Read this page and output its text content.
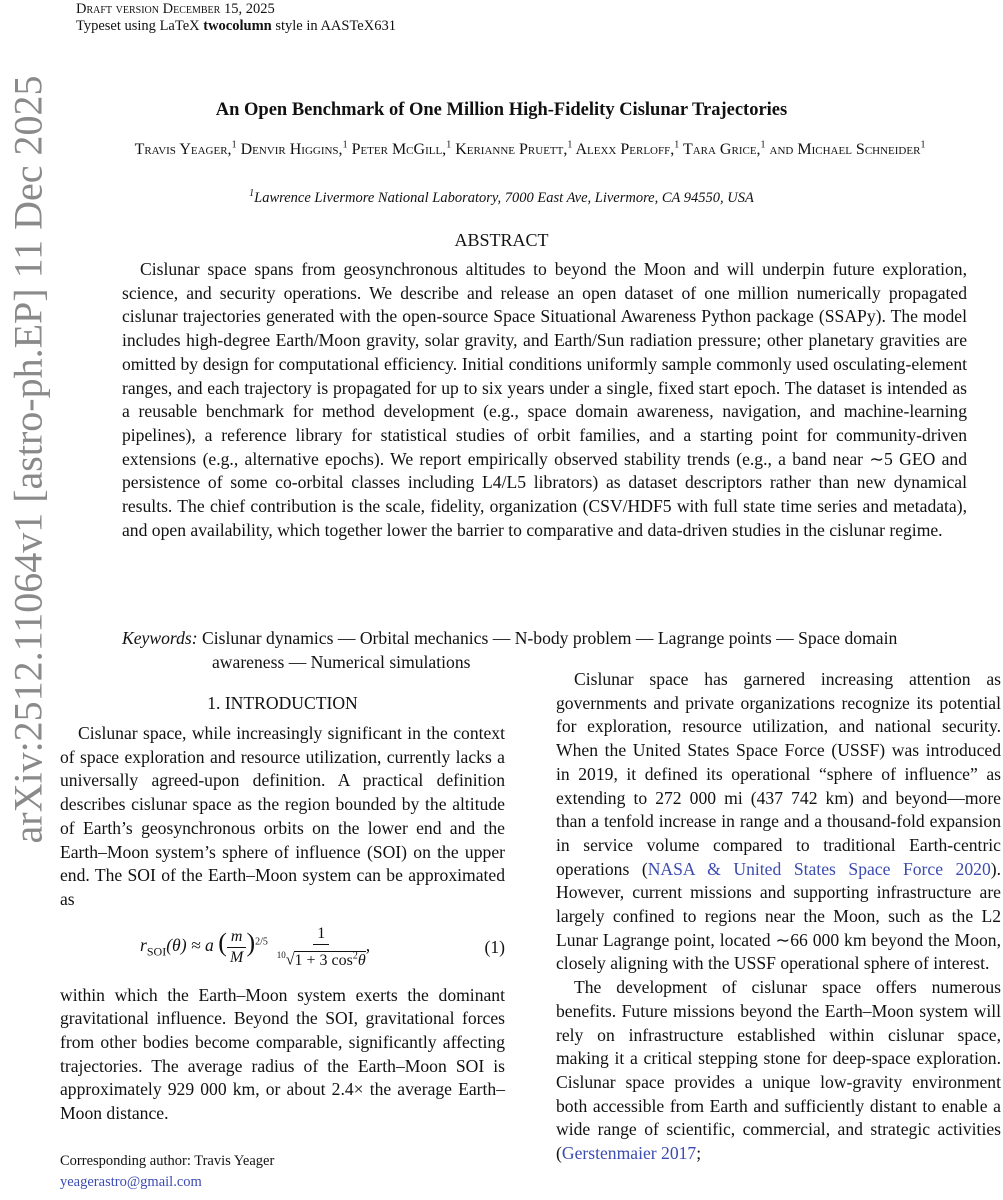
Draft version December 15, 2025
Typeset using LaTeX twocolumn style in AASTeX631
arXiv:2512.11064v1 [astro-ph.EP] 11 Dec 2025	An Open Benchmark of One Million High-Fidelity Cislunar Trajectories
Travis Yeager,$^1$ Denvir Higgins,$^1$ Peter McGill,$^1$ Kerianne Pruett,$^1$ Alexx Perloff,$^1$ Tara Grice,$^1$ and Michael Schneider$^1$
$^1$Lawrence Livermore National Laboratory, 7000 East Ave, Livermore, CA 94550, USA
ABSTRACT

Cislunar space spans from geosynchronous altitudes to beyond the Moon and will underpin future exploration, science, and security operations. We describe and release an open dataset of one million numerically propagated cislunar trajectories generated with the open-source Space Situational Awareness Python package (SSAPy). The model includes high-degree Earth/Moon gravity, solar gravity, and Earth/Sun radiation pressure; other planetary gravities are omitted by design for computational efficiency. Initial conditions uniformly sample commonly used osculating-element ranges, and each trajectory is propagated for up to six years under a single, fixed start epoch. The dataset is intended as a reusable benchmark for method development (e.g., space domain awareness, navigation, and machine-learning pipelines), a reference library for statistical studies of orbit families, and a starting point for community-driven extensions (e.g., alternative epochs). We report empirically observed stability trends (e.g., a band near ∼5 GEO and persistence of some co-orbital classes including L4/L5 librators) as dataset descriptors rather than new dynamical results. The chief contribution is the scale, fidelity, organization (CSV/HDF5 with full state time series and metadata), and open availability, which together lower the barrier to comparative and data-driven studies in the cislunar regime.

Keywords: Cislunar dynamics — Orbital mechanics — N-body problem — Lagrange points — Space domain awareness — Numerical simulations
1. INTRODUCTION

Cislunar space, while increasingly significant in the context of space exploration and resource utilization, currently lacks a universally agreed-upon definition. A practical definition describes cislunar space as the region bounded by the altitude of Earth’s geosynchronous orbits on the lower end and the Earth–Moon system’s sphere of influence (SOI) on the upper end. The SOI of the Earth–Moon system can be approximated as

$r_{SOI}(\theta) \approx a$ ( $\frac{m}{M} )^{2/5} \frac{1}{^{10}√1 + 3 \cos^2\theta}$ ,	(1)

within which the Earth–Moon system exerts the dominant gravitational influence. Beyond the SOI, gravitational forces from other bodies become comparable, significantly affecting trajectories. The average radius of the Earth–Moon SOI is approximately 929 000 km, or about 2.4× the average Earth–Moon distance.

Cislunar space has garnered increasing attention as governments and private organizations recognize its potential for exploration, resource utilization, and national security. When the United States Space Force (USSF) was introduced in 2019, it defined its operational “sphere of influence” as extending to 272 000 mi (437 742 km) and beyond—more than a tenfold increase in range and a thousand-fold expansion in service volume compared to traditional Earth-centric operations (NASA & United States Space Force 2020). However, current missions and supporting infrastructure are largely confined to regions near the Moon, such as the L2 Lunar Lagrange point, located ∼66 000 km beyond the Moon, closely aligning with the USSF operational sphere of interest.

The development of cislunar space offers numerous benefits. Future missions beyond the Earth–Moon system will rely on infrastructure established within cislunar space, making it a critical stepping stone for deep-space exploration. Cislunar space provides a unique low-gravity environment both accessible from Earth and sufficiently distant to enable a wide range of scientific, commercial, and strategic activities (Gerstenmaier 2017;

Corresponding author: Travis Yeager
yeagerastro@gmail.com
